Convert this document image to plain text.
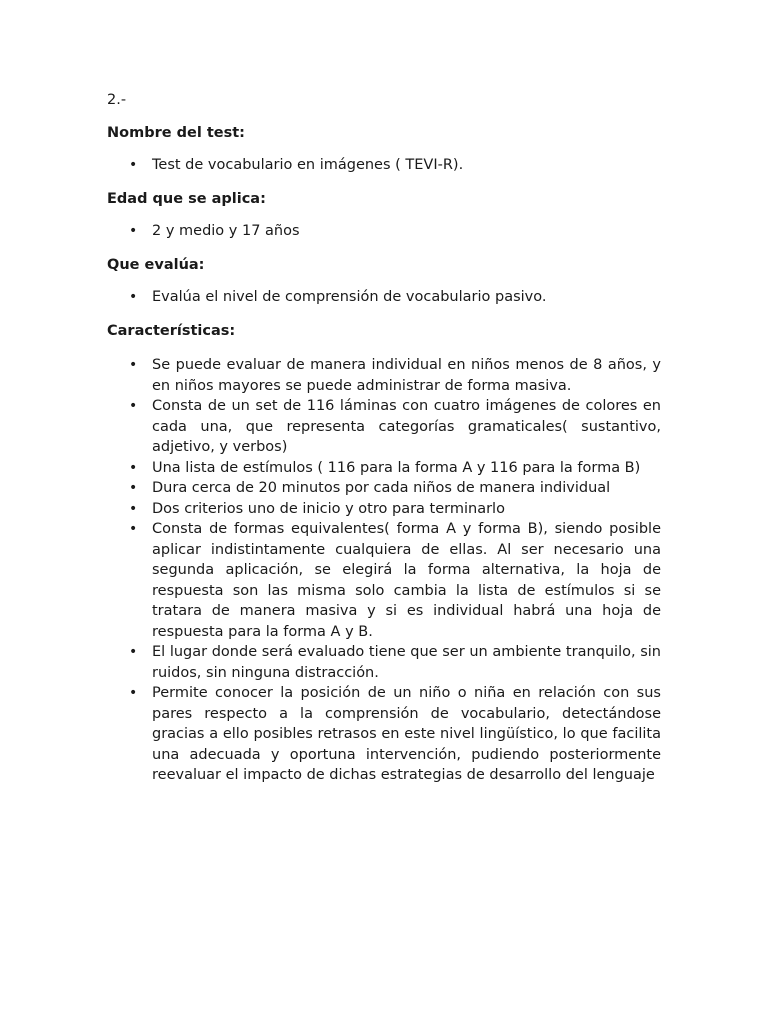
2.-

Nombre del test:

• Test de vocabulario en imágenes ( TEVI-R).

Edad que se aplica:

• 2 y medio y 17 años

Que evalúa:

• Evalúa el nivel de comprensión de vocabulario pasivo.

Características:

• Se puede evaluar de manera individual en niños menos de 8 años, y en niños mayores se puede administrar de forma masiva.
• Consta de un set de 116 láminas con cuatro imágenes de colores en cada una, que representa categorías gramaticales( sustantivo, adjetivo, y verbos)
• Una lista de estímulos ( 116 para la forma A y 116 para la forma B)
• Dura cerca de 20 minutos por cada niños de manera individual
• Dos criterios uno de inicio y otro para terminarlo
• Consta de formas equivalentes( forma A y forma B), siendo posible aplicar indistintamente cualquiera de ellas. Al ser necesario una segunda aplicación, se elegirá la forma alternativa, la hoja de respuesta son las misma solo cambia la lista de estímulos si se tratara de manera masiva y si es individual habrá una hoja de respuesta para la forma A y B.
• El lugar donde será evaluado tiene que ser un ambiente tranquilo, sin ruidos, sin ninguna distracción.
• Permite conocer la posición de un niño o niña en relación con sus pares respecto a la comprensión de vocabulario, detectándose gracias a ello posibles retrasos en este nivel lingüístico, lo que facilita una adecuada y oportuna intervención, pudiendo posteriormente reevaluar el impacto de dichas estrategias de desarrollo del lenguaje
